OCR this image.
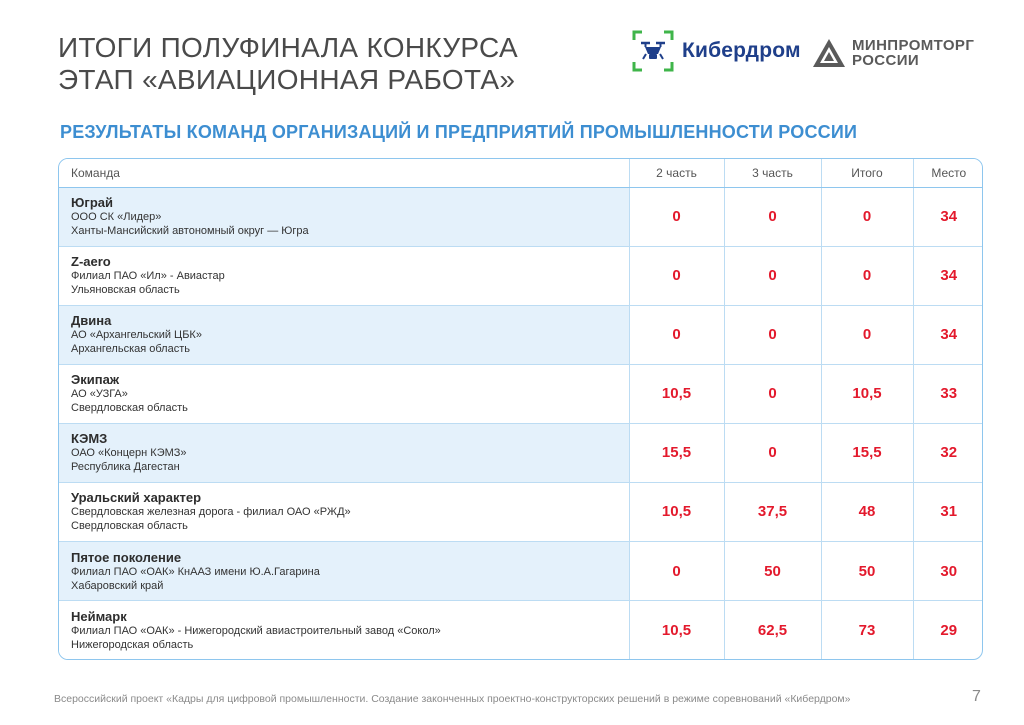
ИТОГИ ПОЛУФИНАЛА КОНКУРСА
ЭТАП «АВИАЦИОННАЯ РАБОТА»
Кибердром	МИНПРОМТОРГ
РОССИИ
РЕЗУЛЬТАТЫ КОМАНД ОРГАНИЗАЦИЙ И ПРЕДПРИЯТИЙ ПРОМЫШЛЕННОСТИ РОССИИ
Команда	2 часть	3 часть	Итого	Место

Юграй
ООО СК «Лидер»
Ханты-Мансийский автономный округ — Югра	0	0	0	34

Z-aero
Филиал ПАО «Ил» - Авиастар
Ульяновская область	0	0	0	34

Двина
АО «Архангельский ЦБК»
Архангельская область	0	0	0	34

Экипаж
АО «УЗГА»
Свердловская область	10,5	0	10,5	33

КЭМЗ
ОАО «Концерн КЭМЗ»
Республика Дагестан	15,5	0	15,5	32

Уральский характер
Свердловская железная дорога - филиал ОАО «РЖД»
Свердловская область	10,5	37,5	48	31

Пятое поколение
Филиал ПАО «ОАК» КнААЗ имени Ю.А.Гагарина
Хабаровский край	0	50	50	30

Неймарк
Филиал ПАО «ОАК» - Нижегородский авиастроительный завод «Сокол»
Нижегородская область	10,5	62,5	73	29
Всероссийский проект «Кадры для цифровой промышленности. Создание законченных проектно-конструкторских решений в режиме соревнований «Кибердром»	7
